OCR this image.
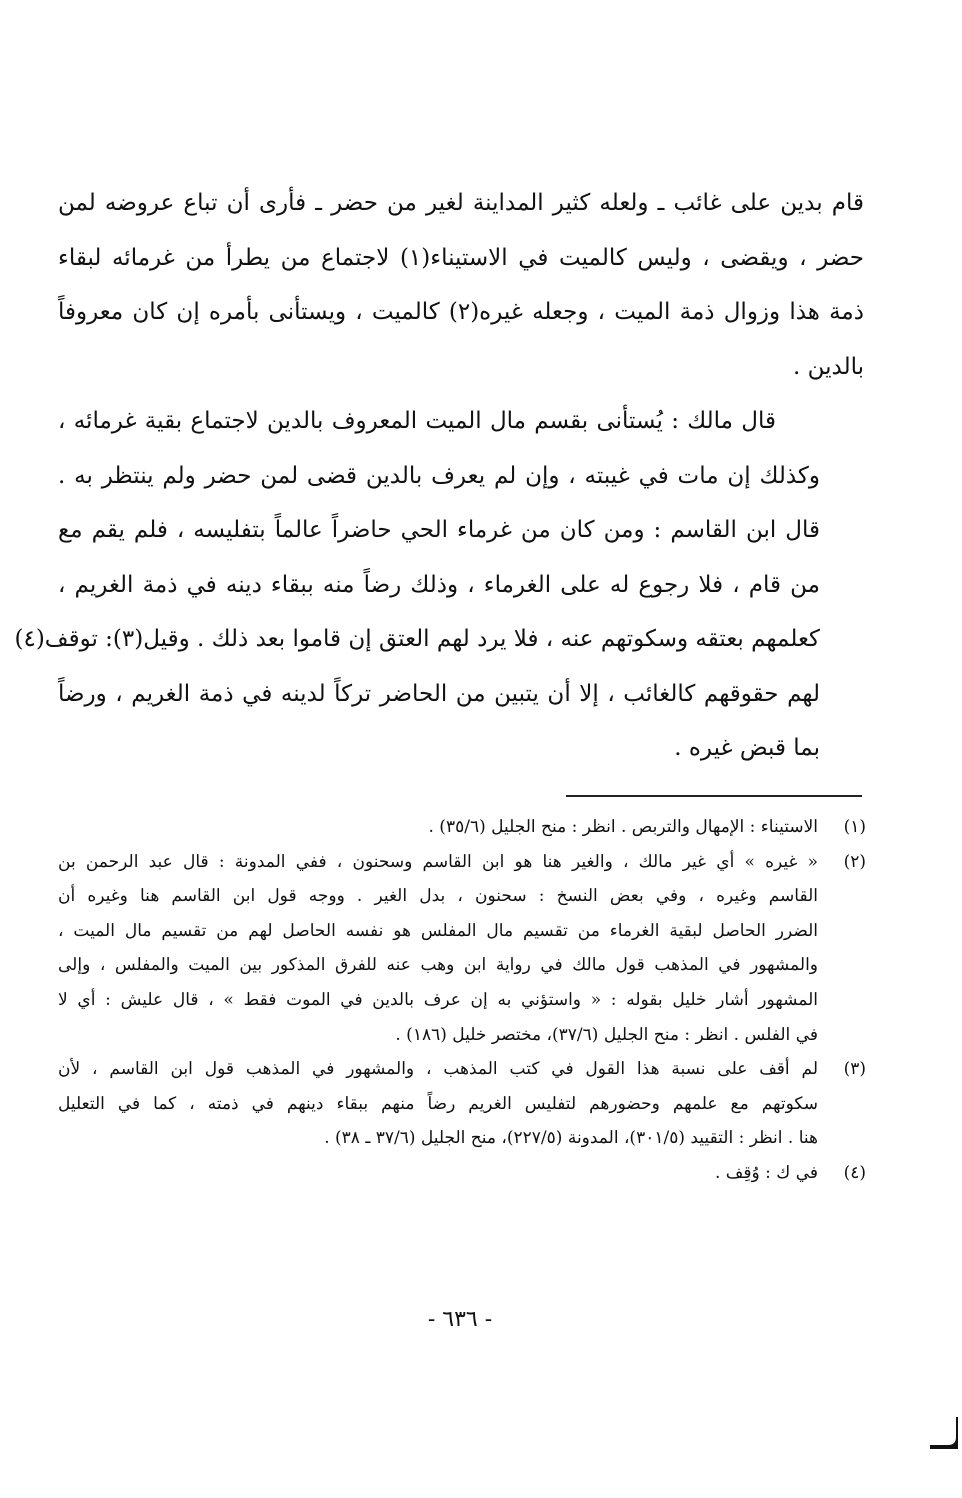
قام بدين على غائب ـ ولعله كثير المداينة لغير من حضر ـ فأرى أن تباع عروضه لمن
حضر ، ويقضى ، وليس كالميت في الاستيناء(١) لاجتماع من يطرأ من غرمائه لبقاء
ذمة هذا وزوال ذمة الميت ، وجعله غيره(٢) كالميت ، ويستأنى بأمره إن كان معروفاً
بالدين .

قال مالك : يُستأنى بقسم مال الميت المعروف بالدين لاجتماع بقية غرمائه ،
وكذلك إن مات في غيبته ، وإن لم يعرف بالدين قضى لمن حضر ولم ينتظر به .
قال ابن القاسم : ومن كان من غرماء الحي حاضراً عالماً بتفليسه ، فلم يقم مع
من قام ، فلا رجوع له على الغرماء ، وذلك رضاً منه ببقاء دينه في ذمة الغريم ،
كعلمهم بعتقه وسكوتهم عنه ، فلا يرد لهم العتق إن قاموا بعد ذلك . وقيل(٣): توقف(٤)
لهم حقوقهم كالغائب ، إلا أن يتبين من الحاضر تركاً لدينه في ذمة الغريم ، ورضاً
بما قبض غيره .

(١)
الاستيناء : الإمهال والتربص . انظر : منح الجليل (٣٥/٦) .
(٢)
« غيره » أي غير مالك ، والغير هنا هو ابن القاسم وسحنون ، ففي المدونة : قال عبد الرحمن بن
القاسم وغيره ، وفي بعض النسخ : سحنون ، بدل الغير . ووجه قول ابن القاسم هنا وغيره أن
الضرر الحاصل لبقية الغرماء من تقسيم مال المفلس هو نفسه الحاصل لهم من تقسيم مال الميت ،
والمشهور في المذهب قول مالك في رواية ابن وهب عنه للفرق المذكور بين الميت والمفلس ، وإلى
المشهور أشار خليل بقوله : « واستؤني به إن عرف بالدين في الموت فقط » ، قال عليش : أي لا
في الفلس . انظر : منح الجليل (٣٧/٦)، مختصر خليل (١٨٦) .
(٣)
لم أقف على نسبة هذا القول في كتب المذهب ، والمشهور في المذهب قول ابن القاسم ، لأن
سكوتهم مع علمهم وحضورهم لتفليس الغريم رضاً منهم ببقاء دينهم في ذمته ، كما في التعليل
هنا . انظر : التقييد (٣٠١/٥)، المدونة (٢٢٧/٥)، منح الجليل (٣٧/٦ ـ ٣٨) .
(٤)
في ك : وُقِف .
- ٦٣٦ -
